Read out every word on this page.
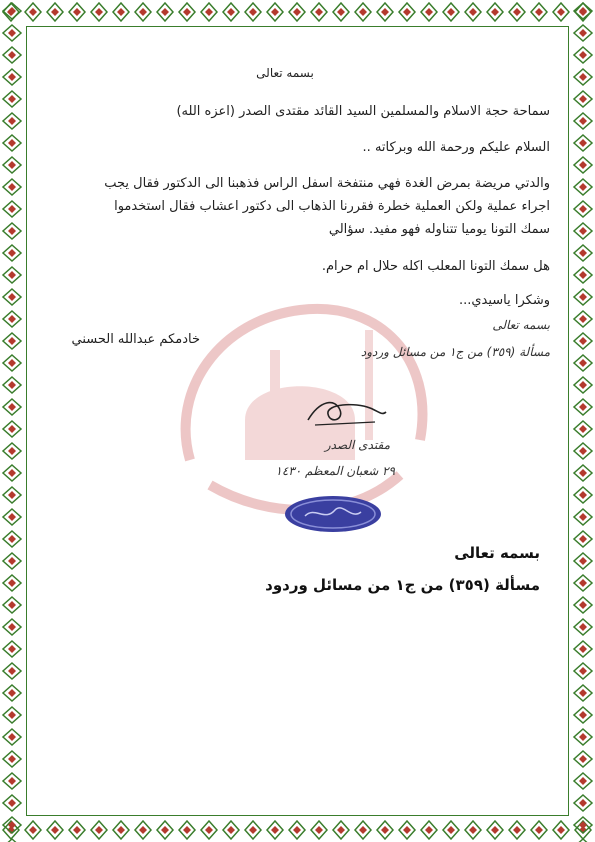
بسمه تعالى
سماحة حجة الاسلام والمسلمين السيد القائد مقتدى الصدر (اعزه الله)
السلام عليكم ورحمة الله وبركاته ..
والدتي مريضة بمرض الغدة فهي منتفخة اسفل الراس فذهبنا الى الدكتور فقال يجب
اجراء عملية ولكن العملية خطرة فقررنا الذهاب الى دكتور اعشاب فقال استخدموا
سمك التونا يوميا تتناوله فهو مفيد. سؤالي
هل سمك التونا المعلب اكله حلال ام حرام.
وشكرا ياسيدي...
خادمكم عبدالله الحسني
بسمه تعالى
مسألة (٣٥٩) من ج١ من مسائل وردود
مقتدى الصدر
٢٩ شعبان المعظم ١٤٣٠
بسمه تعالى
مسألة (٣٥٩) من ج١ من مسائل وردود
